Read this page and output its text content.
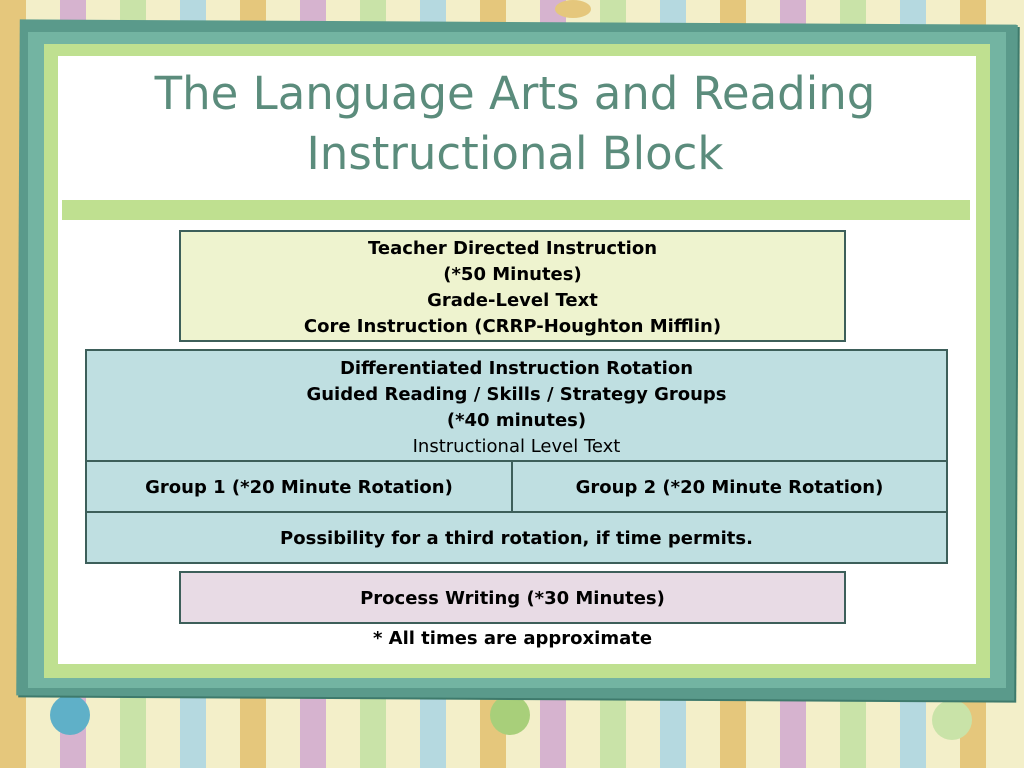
The Language Arts and Reading
Instructional Block
Teacher Directed Instruction
(*50 Minutes)
Grade-Level Text
Core Instruction (CRRP-Houghton Mifflin)
Differentiated Instruction Rotation
Guided Reading / Skills / Strategy Groups
(*40 minutes)
Instructional Level Text
Group 1 (*20 Minute Rotation)	Group 2 (*20 Minute Rotation)
Possibility for a third rotation, if time permits.
Process Writing (*30 Minutes)
* All times are approximate
